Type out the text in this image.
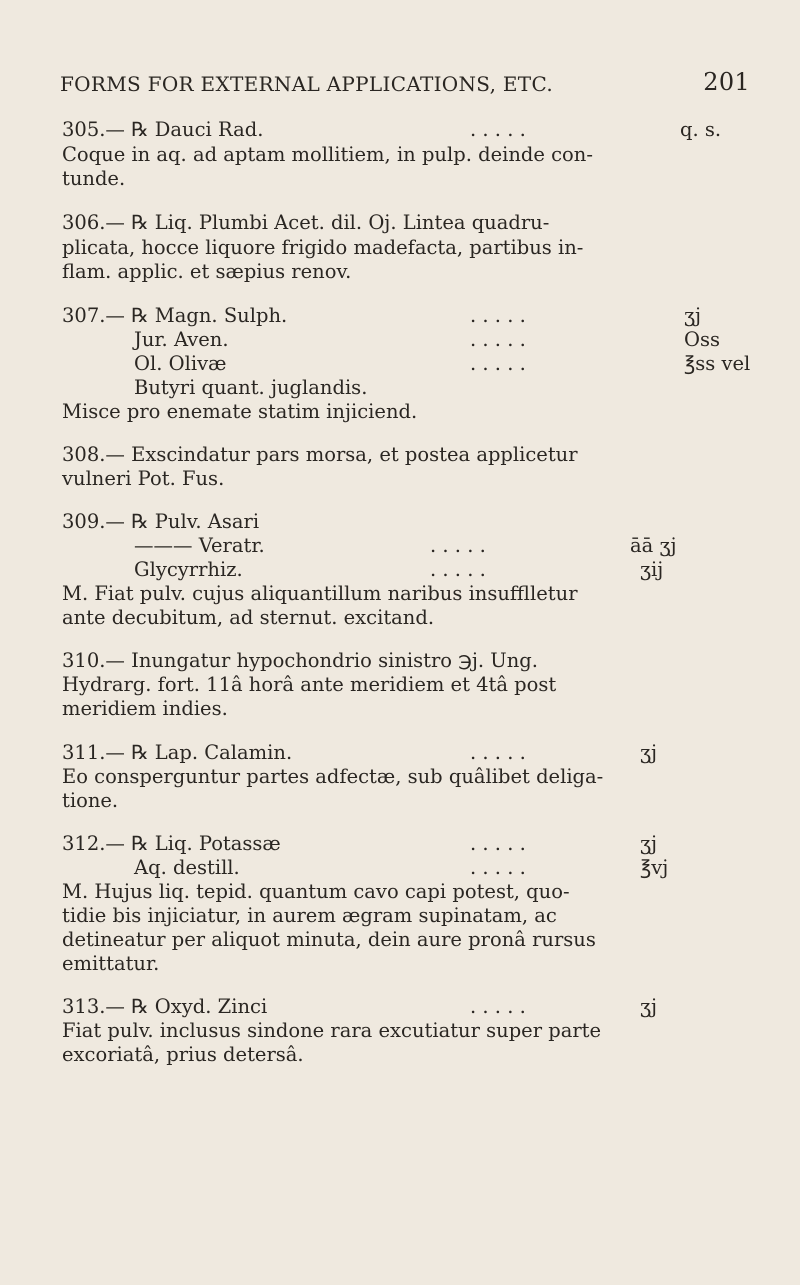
FORMS FOR EXTERNAL APPLICATIONS, ETC.	201
305.— ℞ Dauci Rad.	. . . . .	q. s.
Coque in aq. ad aptam mollitiem, in pulp. deinde con-
tunde.
306.— ℞ Liq. Plumbi Acet. dil. Oj. Lintea quadru-
plicata, hocce liquore frigido madefacta, partibus in-
flam. applic. et sæpius renov.
307.— ℞ Magn. Sulph.	. . . . .	ʒj
Jur. Aven.	. . . . .	Oss
Ol. Olivæ	. . . . .	℥ss vel
Butyri quant. juglandis.
Misce pro enemate statim injiciend.
308.— Exscindatur pars morsa, et postea applicetur
vulneri Pot. Fus.
309.— ℞ Pulv. Asari
——— Veratr.	. . . . .	āā ʒj
Glycyrrhiz.	. . . . .	ʒij
M. Fiat pulv. cujus aliquantillum naribus insufflletur
ante decubitum, ad sternut. excitand.
310.— Inungatur hypochondrio sinistro ℈j. Ung.
Hydrarg. fort. 11â horâ ante meridiem et 4tâ post
meridiem indies.
311.— ℞ Lap. Calamin.	. . . . .	ʒj
Eo consperguntur partes adfectæ, sub quâlibet deliga-
tione.
312.— ℞ Liq. Potassæ	. . . . .	ʒj
Aq. destill.	. . . . .	℥vj
M. Hujus liq. tepid. quantum cavo capi potest, quo-
tidie bis injiciatur, in aurem ægram supinatam, ac
detineatur per aliquot minuta, dein aure pronâ rursus
emittatur.
313.— ℞ Oxyd. Zinci	. . . . .	ʒj
Fiat pulv. inclusus sindone rara excutiatur super parte
excoriatâ, prius detersâ.
